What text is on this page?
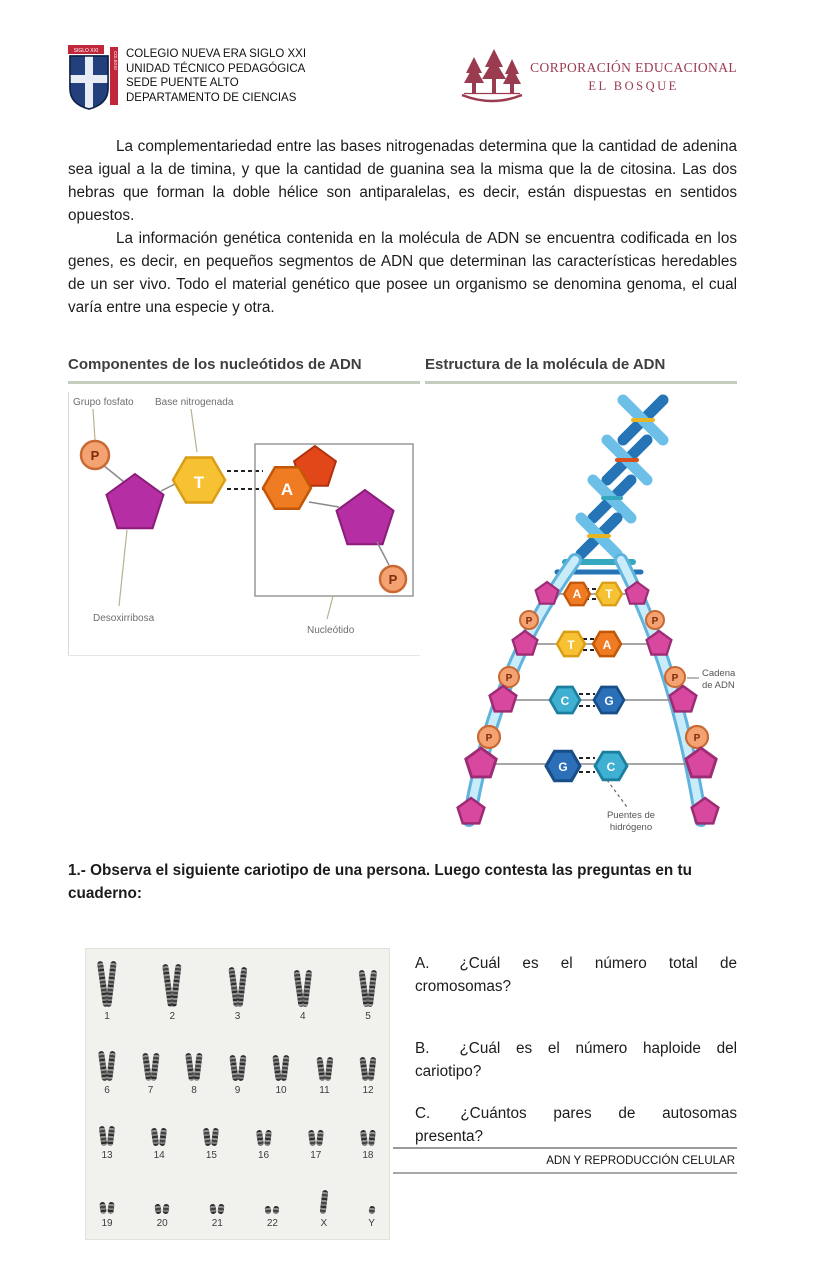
SIGLO XXI
COLEGIO COLEGIO NUEVA ERA SIGLO XXI
UNIDAD TÉCNICO PEDAGÓGICA
SEDE PUENTE ALTO
DEPARTAMENTO DE CIENCIAS
CORPORACIÓN EDUCACIONAL
EL BOSQUE

La complementariedad entre las bases nitrogenadas determina que la cantidad de adenina sea igual a la de timina, y que la cantidad de guanina sea la misma que la de citosina. Las dos hebras que forman la doble hélice son antiparalelas, es decir, están dispuestas en sentidos opuestos.

La información genética contenida en la molécula de ADN se encuentra codificada en los genes, es decir, en pequeños segmentos de ADN que determinan las características heredables de un ser vivo. Todo el material genético que posee un organismo se denomina genoma, el cual varía entre una especie y otra.

Componentes de los nucleótidos de ADN
Grupo fosfato Base nitrogenada
P
T	A
P
Desoxirribosa
Nucleótido
Estructura de la molécula de ADN
A T
P	P
T A
P	P
C	G
P	P
G	C
Cadena
de ADN
Puentes de
hidrógeno

1.- Observa el siguiente cariotipo de una persona. Luego contesta las preguntas en tu cuaderno:

1	2	3	4	5
6	7	8	9	10	11	12
13	14	15	16	17	18
19	20	21	22	X	Y

A. ¿Cuál es el número total de cromosomas?

B. ¿Cuál es el número haploide del cariotipo?

C. ¿Cuántos pares de autosomas presenta?

ADN Y REPRODUCCIÓN CELULAR
